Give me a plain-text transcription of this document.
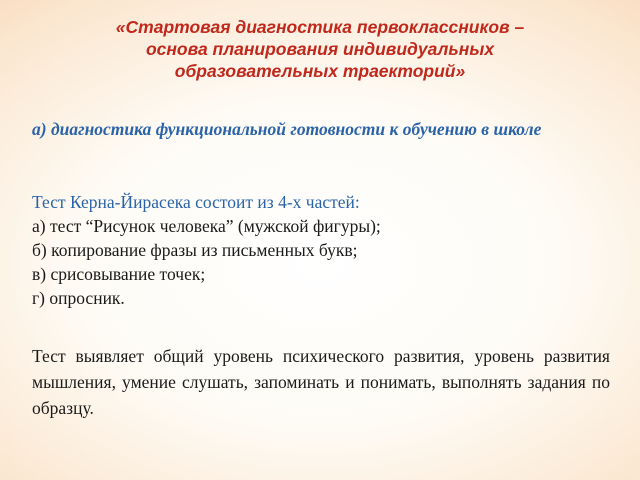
«Стартовая диагностика первоклассников –
основа планирования индивидуальных
образовательных траекторий»
а) диагностика функциональной готовности к обучению в школе
Тест Керна-Йирасека состоит из 4-х частей:
а) тест “Рисунок человека” (мужской фигуры);
б) копирование фразы из письменных букв;
в) срисовывание точек;
г) опросник.
Тест выявляет общий уровень психического развития, уровень развития мышления, умение слушать, запоминать и понимать, выполнять задания по образцу.
